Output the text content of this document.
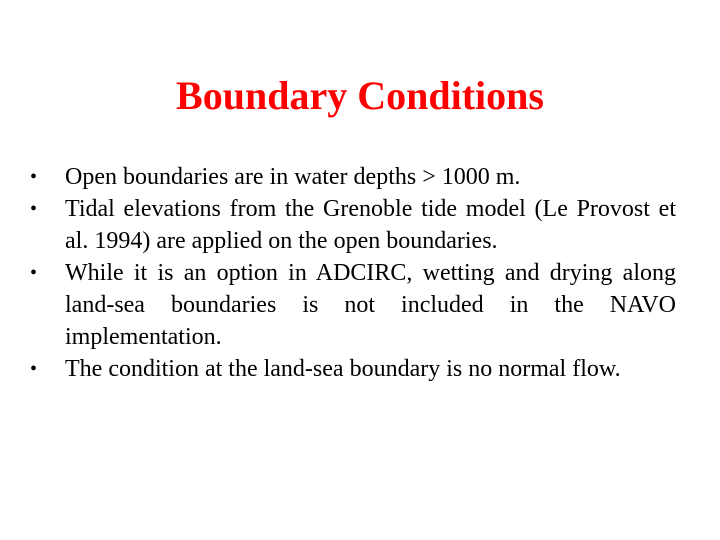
Boundary Conditions
•	Open boundaries are in water depths > 1000 m.
•	Tidal elevations from the Grenoble tide model (Le Provost et al. 1994) are applied on the open boundaries.
•	While it is an option in ADCIRC, wetting and drying along land-sea boundaries is not included in the NAVO implementation.
•	The condition at the land-sea boundary is no normal flow.
